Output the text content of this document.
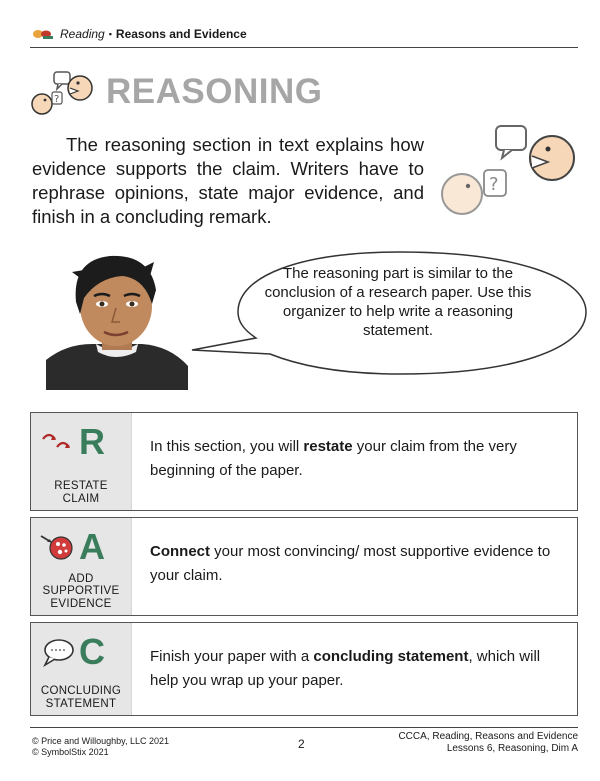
Reading ▪ Reasons and Evidence
? REASONING
The reasoning section in text explains how evidence supports the claim. Writers have to rephrase opinions, state major evidence, and finish in a concluding remark.
?
The reasoning part is similar to the conclusion of a research paper. Use this organizer to help write a reasoning statement.
R
RESTATE
CLAIM
In this section, you will restate your claim from the very beginning of the paper.
A
ADD
SUPPORTIVE
EVIDENCE
Connect your most convincing/ most supportive evidence to your claim.
C
CONCLUDING
STATEMENT
Finish your paper with a concluding statement, which will help you wrap up your paper.
© Price and Willoughby, LLC 2021
© SymbolStix 2021
2
CCCA, Reading, Reasons and Evidence
Lessons 6, Reasoning, Dim A
